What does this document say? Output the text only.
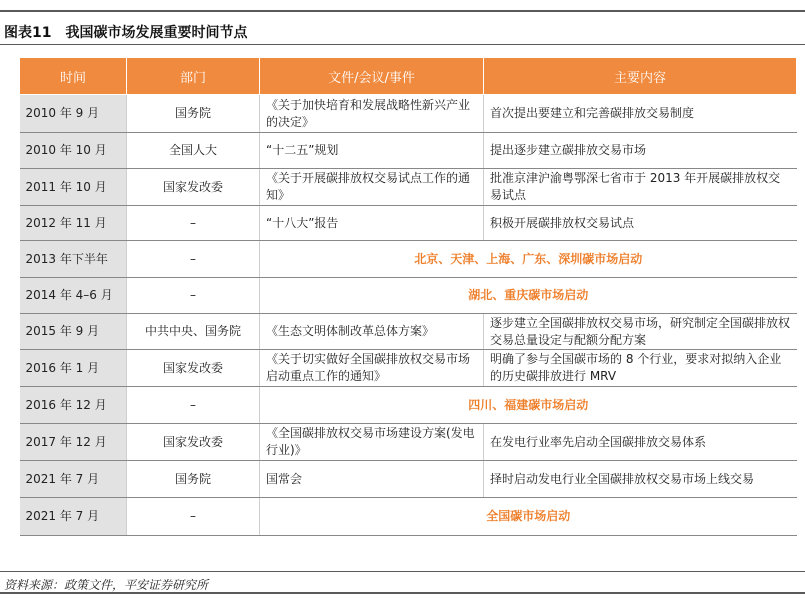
图表11 我国碳市场发展重要时间节点
时间	部门	文件/会议/事件	主要内容
2010 年 9 月	国务院	《关于加快培育和发展战略性新兴产业的决定》	首次提出要建立和完善碳排放交易制度
2010 年 10 月	全国人大	“十二五”规划	提出逐步建立碳排放交易市场
2011 年 10 月	国家发改委	《关于开展碳排放权交易试点工作的通知》	批准京津沪渝粤鄂深七省市于 2013 年开展碳排放权交易试点
2012 年 11 月	–	“十八大”报告	积极开展碳排放权交易试点
2013 年下半年	–	北京、天津、上海、广东、深圳碳市场启动	
2014 年 4–6 月	–	湖北、重庆碳市场启动	
2015 年 9 月	中共中央、国务院	《生态文明体制改革总体方案》	逐步建立全国碳排放权交易市场，研究制定全国碳排放权交易总量设定与配额分配方案
2016 年 1 月	国家发改委	《关于切实做好全国碳排放权交易市场启动重点工作的通知》	明确了参与全国碳市场的 8 个行业，要求对拟纳入企业的历史碳排放进行 MRV
2016 年 12 月	–	四川、福建碳市场启动	
2017 年 12 月	国家发改委	《全国碳排放权交易市场建设方案(发电行业)》	在发电行业率先启动全国碳排放交易体系
2021 年 7 月	国务院	国常会	择时启动发电行业全国碳排放权交易市场上线交易
2021 年 7 月	–	全国碳市场启动	
资料来源：政策文件，平安证券研究所
